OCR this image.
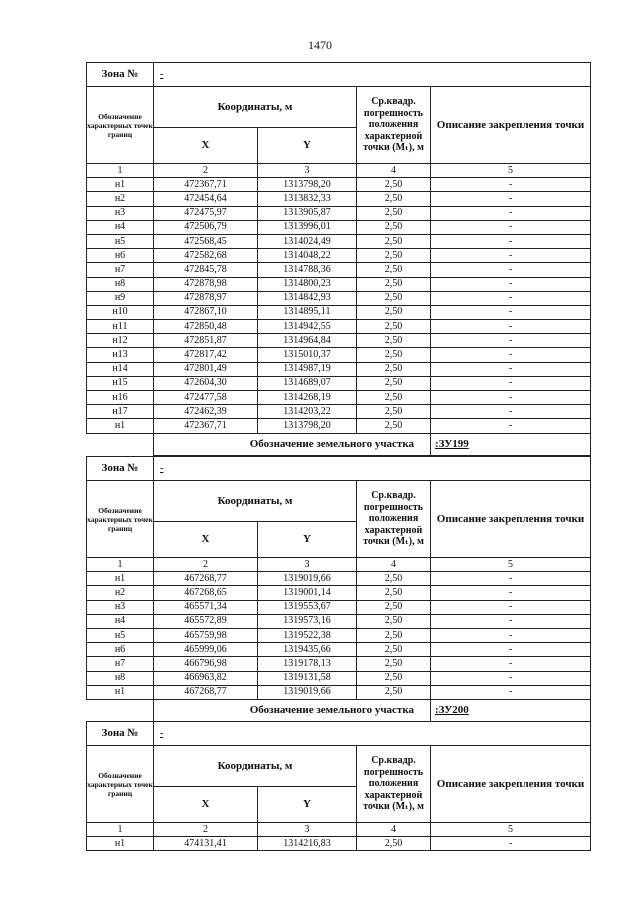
1470
Зона №	-			
Обозначение характерных точек границ	Координаты, м		Ср.квадр. погрешность положения характерной точки (Мₜ), м	Описание закрепления точки
	X	Y		
1	2	3	4	5
н1	472367,71	1313798,20	2,50	-
н2	472454,64	1313832,33	2,50	-
н3	472475,97	1313905,87	2,50	-
н4	472506,79	1313996,01	2,50	-
н5	472568,45	1314024,49	2,50	-
н6	472582,68	1314048,22	2,50	-
н7	472845,78	1314788,36	2,50	-
н8	472878,98	1314800,23	2,50	-
н9	472878,97	1314842,93	2,50	-
н10	472867,10	1314895,11	2,50	-
н11	472850,48	1314942,55	2,50	-
н12	472851,87	1314964,84	2,50	-
н13	472817,42	1315010,37	2,50	-
н14	472801,49	1314987,19	2,50	-
н15	472604,30	1314689,07	2,50	-
н16	472477,58	1314268,19	2,50	-
н17	472462,39	1314203,22	2,50	-
н1	472367,71	1313798,20	2,50	-
	Обозначение земельного участка			:ЗУ199
Зона №	-			
Обозначение характерных точек границ	Координаты, м		Ср.квадр. погрешность положения характерной точки (Мₜ), м	Описание закрепления точки
	X	Y		
1	2	3	4	5
н1	467268,77	1319019,66	2,50	-
н2	467268,65	1319001,14	2,50	-
н3	465571,34	1319553,67	2,50	-
н4	465572,89	1319573,16	2,50	-
н5	465759,98	1319522,38	2,50	-
н6	465999,06	1319435,66	2,50	-
н7	466796,98	1319178,13	2,50	-
н8	466963,82	1319131,58	2,50	-
н1	467268,77	1319019,66	2,50	-
	Обозначение земельного участка			:ЗУ200
Зона №	-			
Обозначение характерных точек границ	Координаты, м		Ср.квадр. погрешность положения характерной точки (Мₜ), м	Описание закрепления точки
	X	Y		
1	2	3	4	5
н1	474131,41	1314216,83	2,50	-
